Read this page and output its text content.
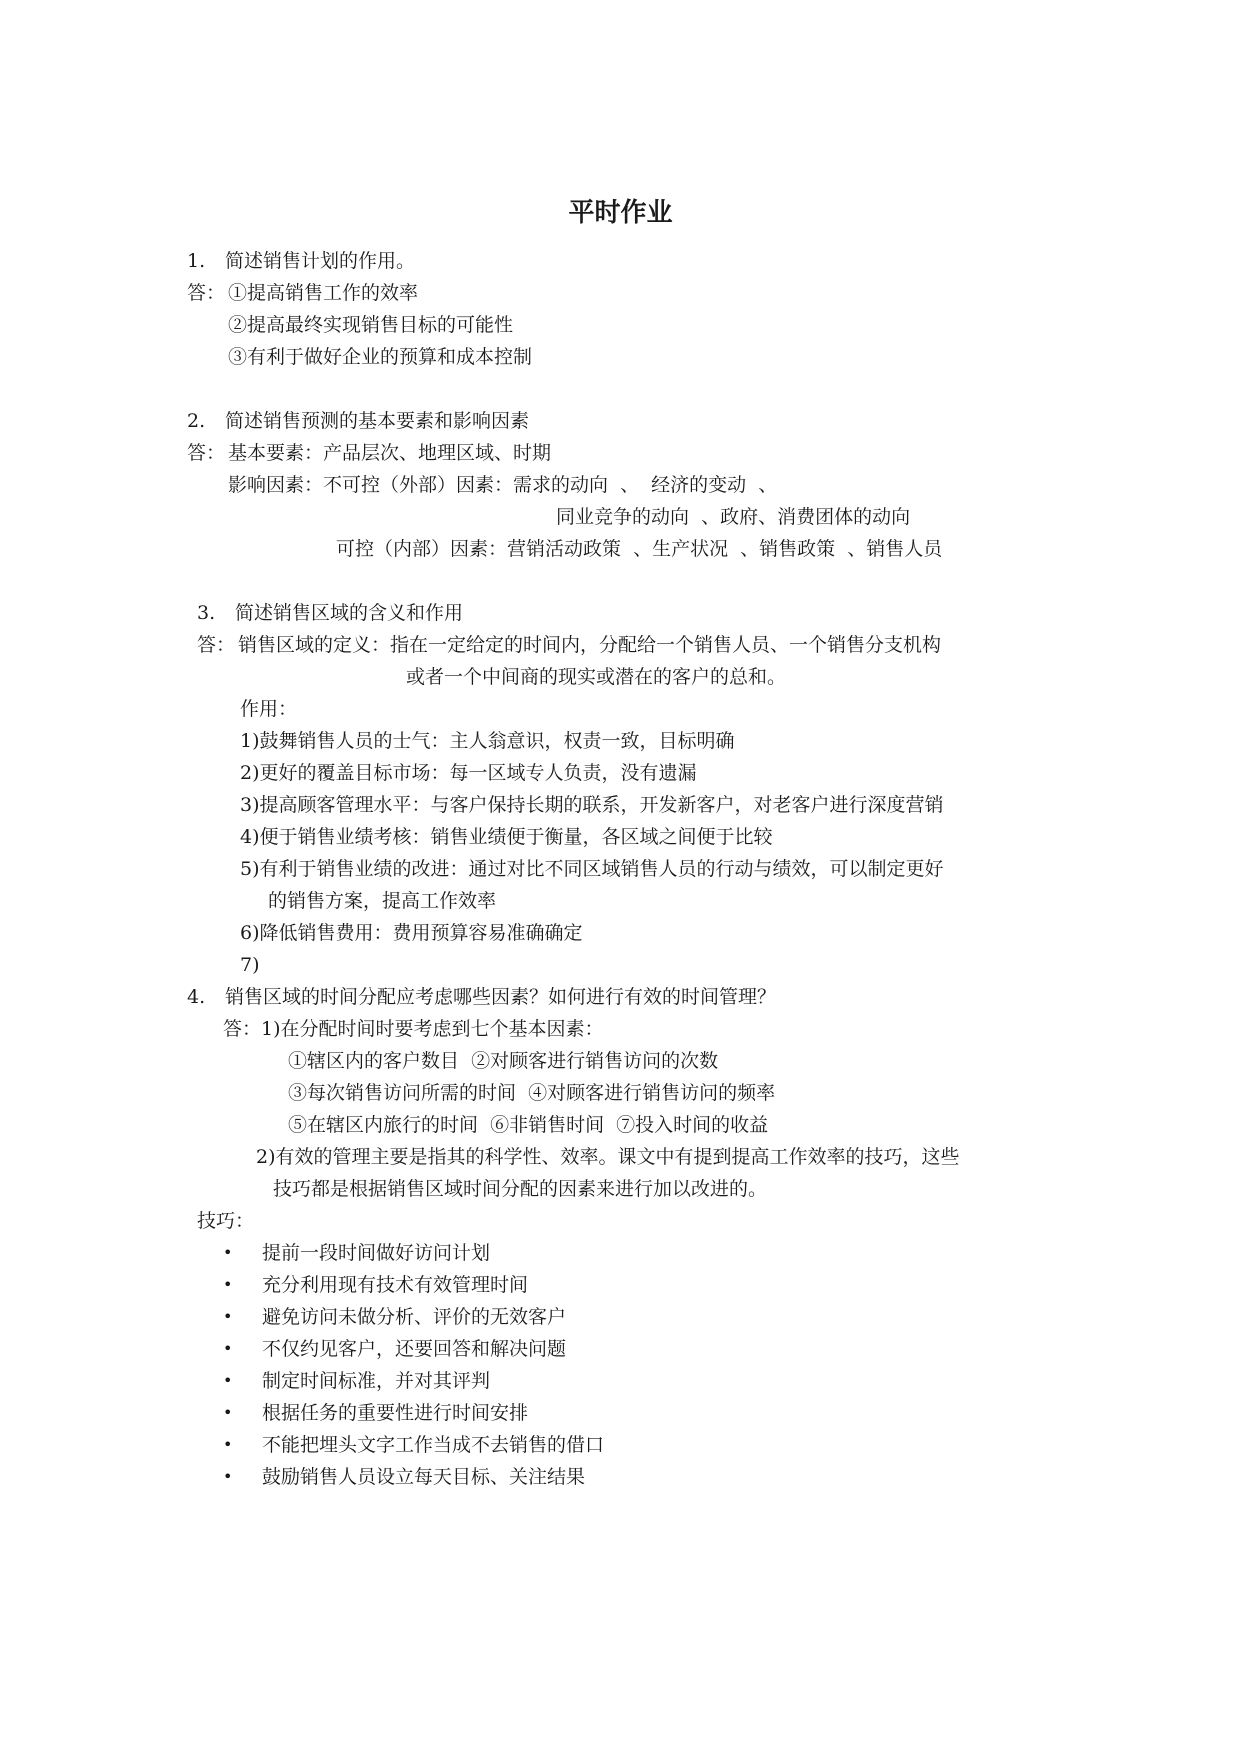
平时作业
1. 简述销售计划的作用。
答： ①提高销售工作的效率
②提高最终实现销售目标的可能性
③有利于做好企业的预算和成本控制
2. 简述销售预测的基本要素和影响因素
答： 基本要素：产品层次、地理区域、时期
影响因素：不可控（外部）因素：需求的动向  、  经济的变动  、
同业竞争的动向  、政府、消费团体的动向
可控（内部）因素：营销活动政策  、生产状况  、销售政策  、销售人员
3. 简述销售区域的含义和作用
答： 销售区域的定义：指在一定给定的时间内，分配给一个销售人员、一个销售分支机构
或者一个中间商的现实或潜在的客户的总和。
作用：
1)鼓舞销售人员的士气：主人翁意识，权责一致，目标明确
2)更好的覆盖目标市场：每一区域专人负责，没有遗漏
3)提高顾客管理水平：与客户保持长期的联系，开发新客户，对老客户进行深度营销
4)便于销售业绩考核：销售业绩便于衡量，各区域之间便于比较
5)有利于销售业绩的改进：通过对比不同区域销售人员的行动与绩效，可以制定更好
的销售方案，提高工作效率
6)降低销售费用：费用预算容易准确确定
7)
4. 销售区域的时间分配应考虑哪些因素？如何进行有效的时间管理？
答：1)在分配时间时要考虑到七个基本因素：
①辖区内的客户数目  ②对顾客进行销售访问的次数
③每次销售访问所需的时间  ④对顾客进行销售访问的频率
⑤在辖区内旅行的时间  ⑥非销售时间  ⑦投入时间的收益
2)有效的管理主要是指其的科学性、效率。课文中有提到提高工作效率的技巧，这些
技巧都是根据销售区域时间分配的因素来进行加以改进的。
技巧：
• 提前一段时间做好访问计划
• 充分利用现有技术有效管理时间
• 避免访问未做分析、评价的无效客户
• 不仅约见客户，还要回答和解决问题
• 制定时间标准，并对其评判
• 根据任务的重要性进行时间安排
• 不能把埋头文字工作当成不去销售的借口
• 鼓励销售人员设立每天目标、关注结果
